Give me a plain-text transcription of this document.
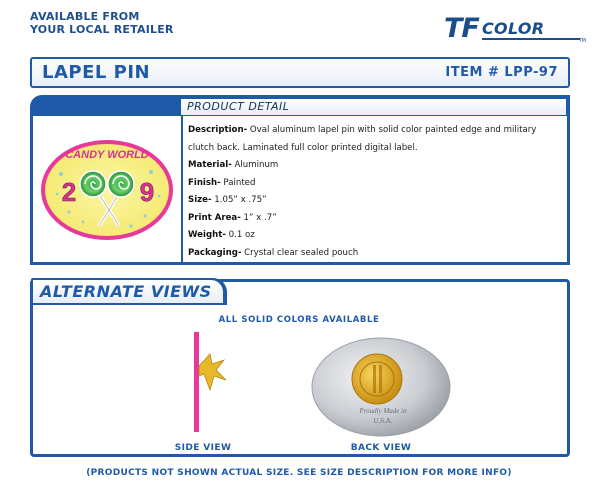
AVAILABLE FROM
YOUR LOCAL RETAILER	TF COLOR
TM
LAPEL PIN	ITEM # LPP-97
PRODUCT DETAIL
CANDY WORLD
2 9
Description- Oval aluminum lapel pin with solid color painted edge and military clutch back. Laminated full color printed digital label.
Material- Aluminum
Finish- Painted
Size- 1.05” x .75”
Print Area- 1” x .7”
Weight- 0.1 oz
Packaging- Crystal clear sealed pouch
ALTERNATE VIEWS
ALL SOLID COLORS AVAILABLE
Proudly Made in
U.S.A.
SIDE VIEW	BACK VIEW
(PRODUCTS NOT SHOWN ACTUAL SIZE. SEE SIZE DESCRIPTION FOR MORE INFO)
